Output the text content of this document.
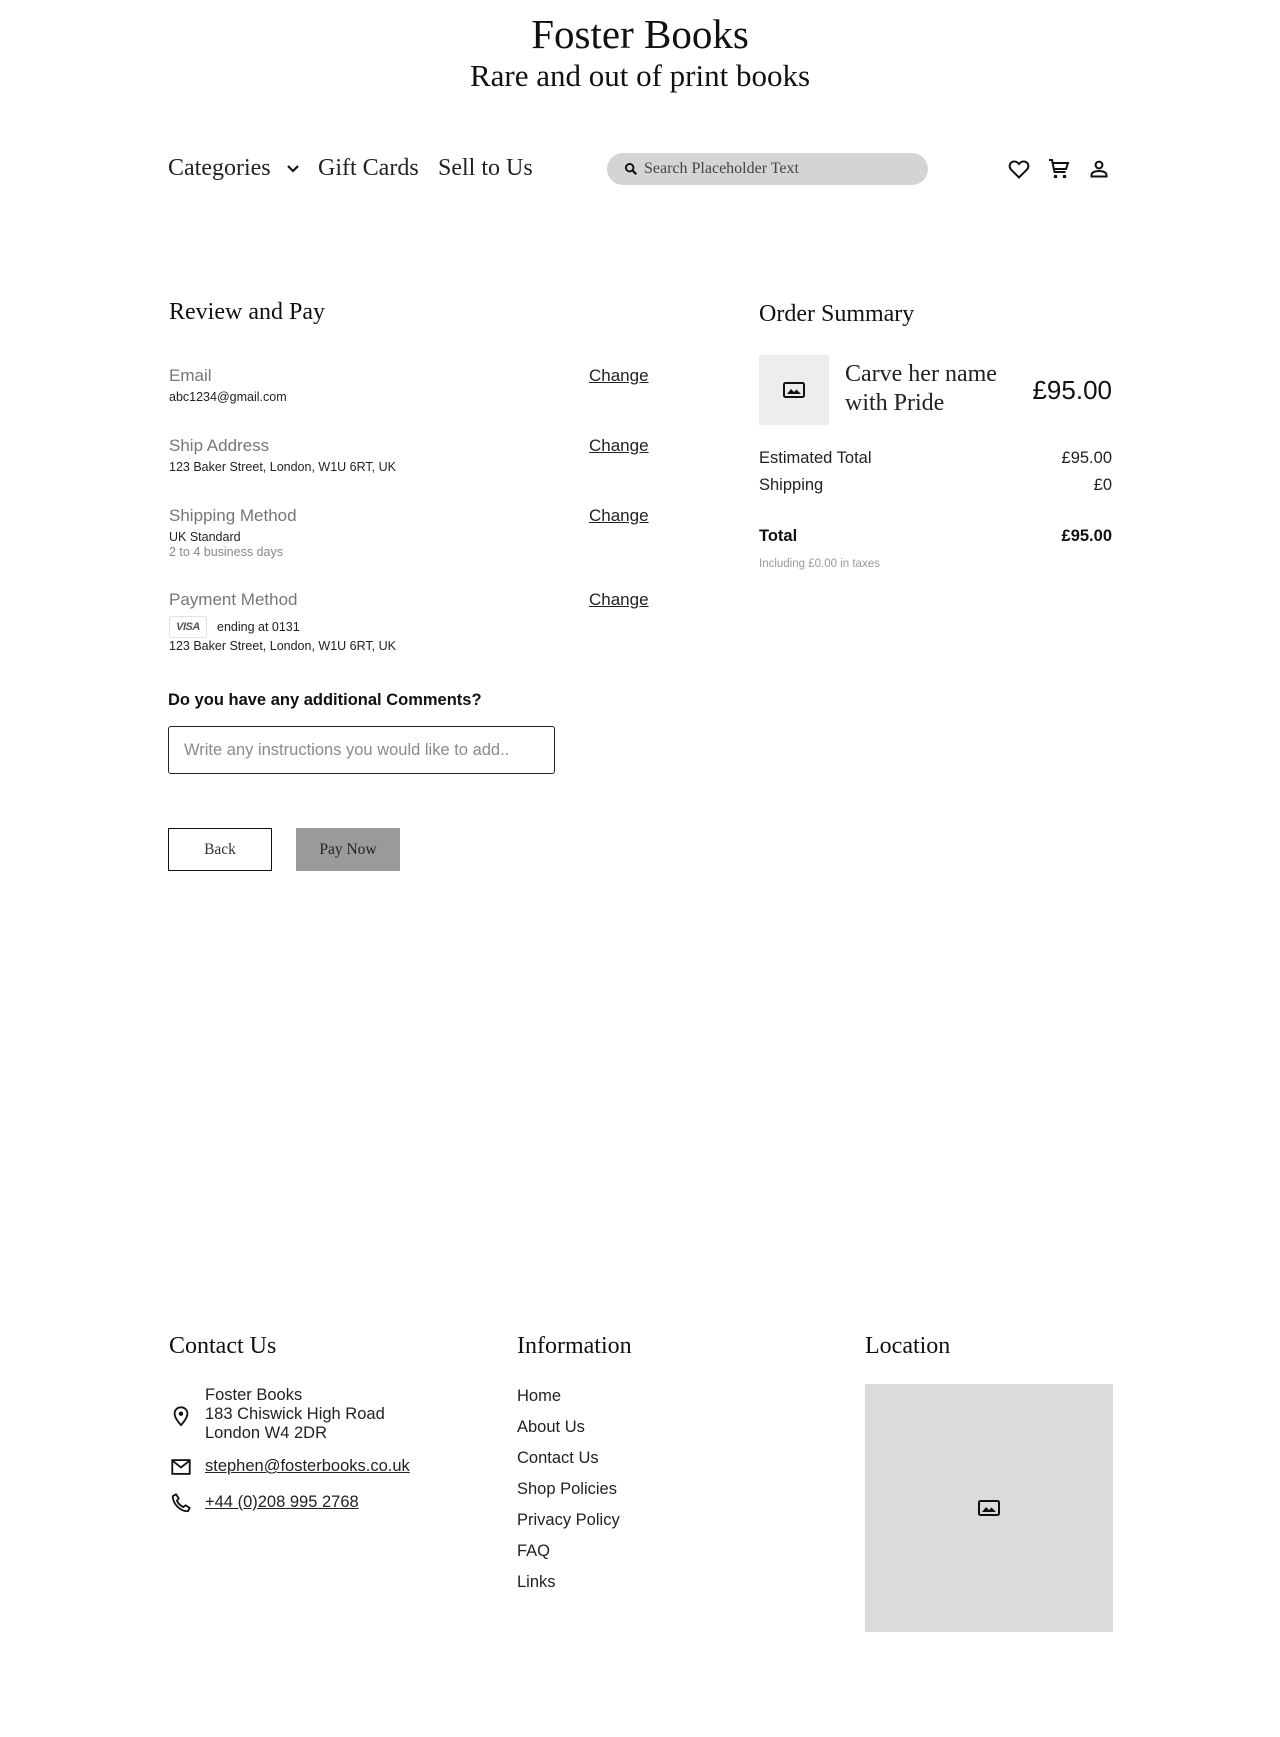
Foster Books
Rare and out of print books
Categories Gift Cards Sell to Us
Search Placeholder Text
Review and Pay
Email	Change
abc1234@gmail.com
Ship Address	Change
123 Baker Street, London, W1U 6RT, UK
Shipping Method	Change
UK Standard
2 to 4 business days
Payment Method	Change
VISA	ending at 0131
123 Baker Street, London, W1U 6RT, UK
Do you have any additional Comments?
Write any instructions you would like to add..
Back	Pay Now
Order Summary
Carve her name with Pride	£95.00
Estimated Total	£95.00
Shipping	£0
Total	£95.00
Including £0.00 in taxes
Contact Us	Information	Location
Foster Books
183 Chiswick High Road
London W4 2DR
stephen@fosterbooks.co.uk
+44 (0)208 995 2768
Home
About Us
Contact Us
Shop Policies
Privacy Policy
FAQ
Links
